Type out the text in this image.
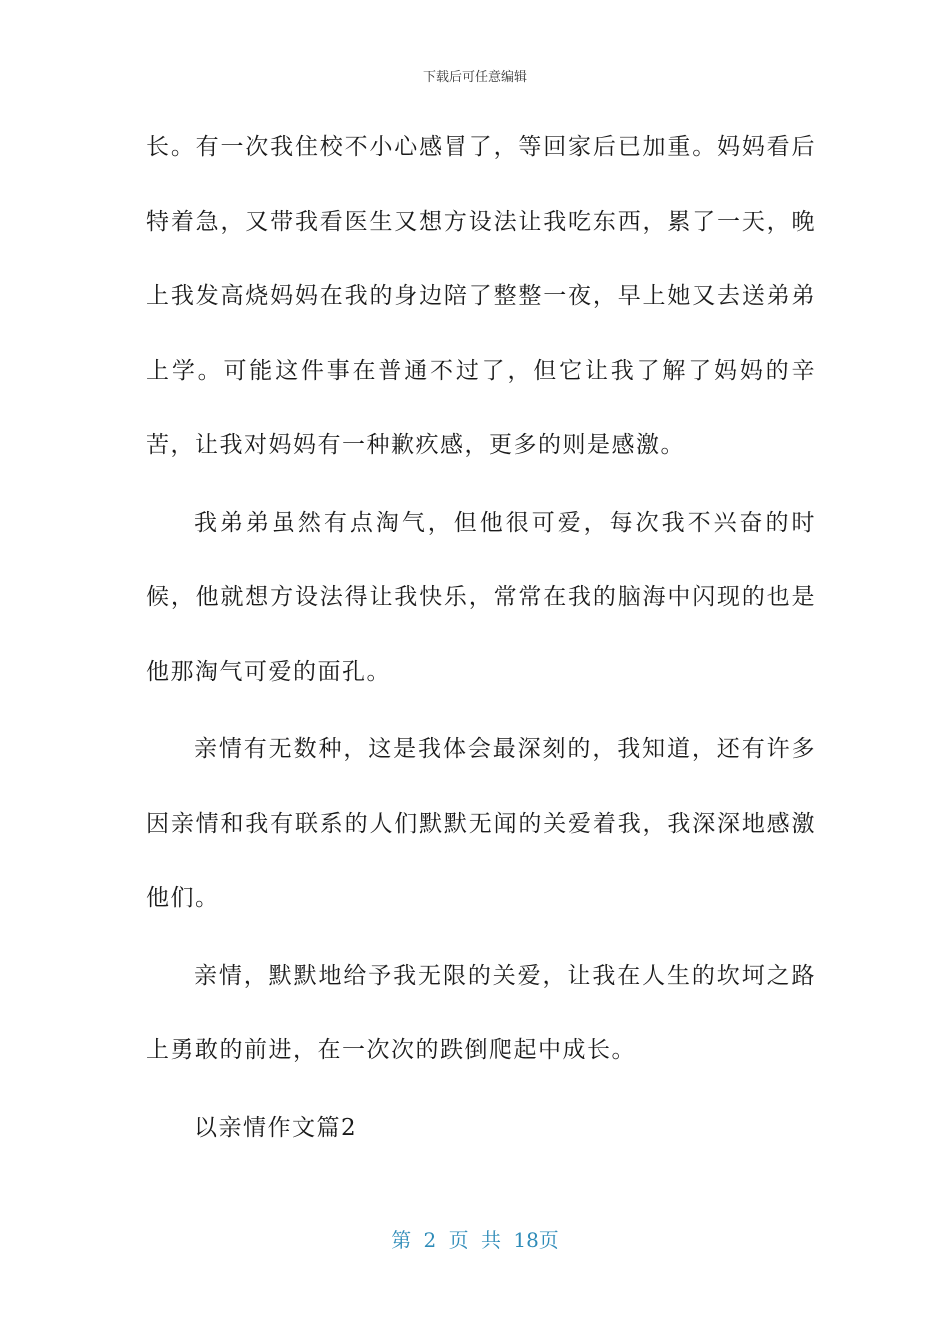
下载后可任意编辑

长。有一次我住校不小心感冒了，等回家后已加重。妈妈看后特着急，又带我看医生又想方设法让我吃东西，累了一天，晚上我发高烧妈妈在我的身边陪了整整一夜，早上她又去送弟弟上学。可能这件事在普通不过了，但它让我了解了妈妈的辛苦，让我对妈妈有一种歉疚感，更多的则是感激。

我弟弟虽然有点淘气，但他很可爱，每次我不兴奋的时候，他就想方设法得让我快乐，常常在我的脑海中闪现的也是他那淘气可爱的面孔。

亲情有无数种，这是我体会最深刻的，我知道，还有许多因亲情和我有联系的人们默默无闻的关爱着我，我深深地感激他们。

亲情，默默地给予我无限的关爱，让我在人生的坎坷之路上勇敢的前进，在一次次的跌倒爬起中成长。

以亲情作文篇2

第 2 页 共 18页
